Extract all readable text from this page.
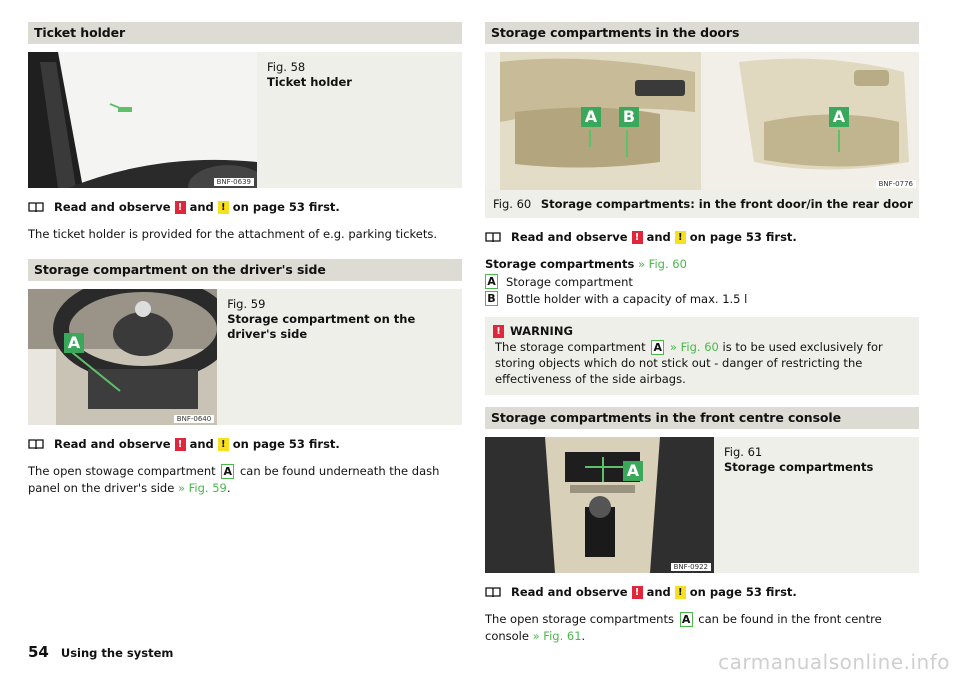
Ticket holder
BNF-0639
Fig. 58
Ticket holder
Read and observe ! and ! on page 53 first.

The ticket holder is provided for the attachment of e.g. parking tickets.

Storage compartment on the driver's side
A
BNF-0640
Fig. 59
Storage compartment on the driver's side
Read and observe ! and ! on page 53 first.

The open stowage compartment A can be found underneath the dash panel on the driver's side » Fig. 59.

Storage compartments in the doors
A B	A
BNF-0776
Fig. 60 Storage compartments: in the front door/in the rear door
Read and observe ! and ! on page 53 first.

Storage compartments » Fig. 60

A Storage compartment
B Bottle holder with a capacity of max. 1.5 l
! WARNING

The storage compartment A » Fig. 60 is to be used exclusively for storing objects which do not stick out - danger of restricting the effectiveness of the side airbags.

Storage compartments in the front centre console
A
BNF-0922
Fig. 61
Storage compartments
Read and observe ! and ! on page 53 first.

The open storage compartments A can be found in the front centre console » Fig. 61.

54 Using the system	carmanualsonline.info
